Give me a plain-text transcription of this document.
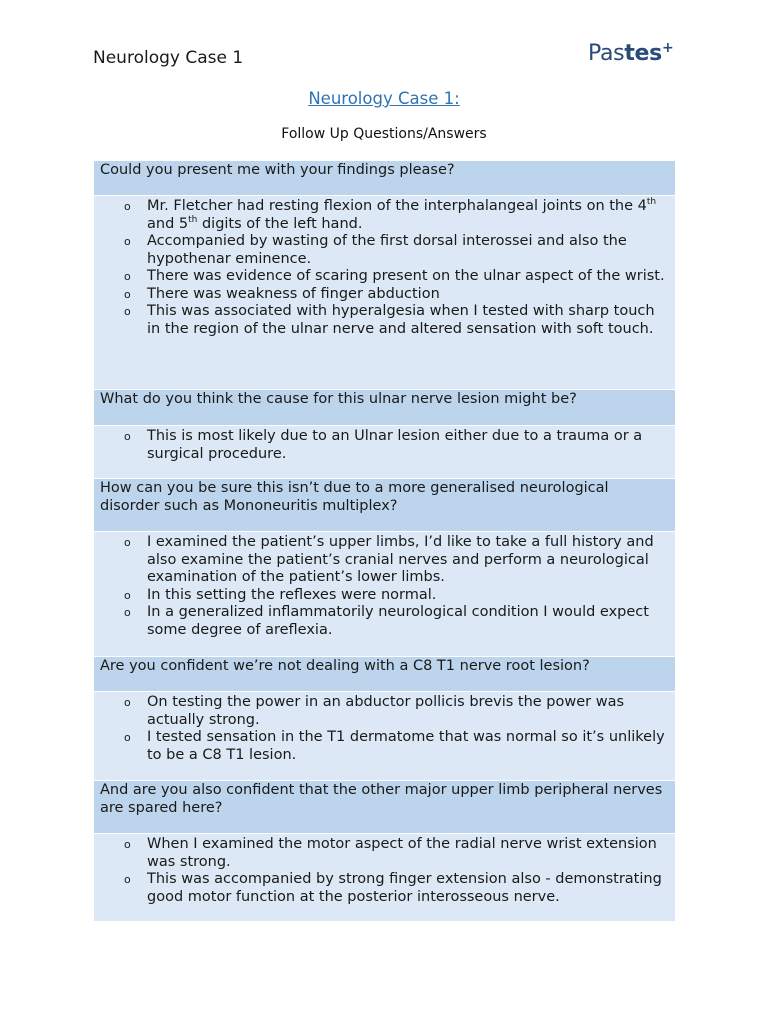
Neurology Case 1	Pastes+
Neurology Case 1:
Follow Up Questions/Answers
Could you present me with your findings please?
o Mr. Fletcher had resting flexion of the interphalangeal joints on the 4th and 5th digits of the left hand.
o Accompanied by wasting of the first dorsal interossei and also the hypothenar eminence.
o There was evidence of scaring present on the ulnar aspect of the wrist.
o There was weakness of finger abduction
o This was associated with hyperalgesia when I tested with sharp touch in the region of the ulnar nerve and altered sensation with soft touch.
What do you think the cause for this ulnar nerve lesion might be?
o This is most likely due to an Ulnar lesion either due to a trauma or a surgical procedure.
How can you be sure this isn’t due to a more generalised neurological disorder such as Mononeuritis multiplex?
o I examined the patient’s upper limbs, I’d like to take a full history and also examine the patient’s cranial nerves and perform a neurological examination of the patient’s lower limbs.
o In this setting the reflexes were normal.
o In a generalized inflammatorily neurological condition I would expect some degree of areflexia.
Are you confident we’re not dealing with a C8 T1 nerve root lesion?
o On testing the power in an abductor pollicis brevis the power was actually strong.
o I tested sensation in the T1 dermatome that was normal so it’s unlikely to be a C8 T1 lesion.
And are you also confident that the other major upper limb peripheral nerves are spared here?
o When I examined the motor aspect of the radial nerve wrist extension was strong.
o This was accompanied by strong finger extension also - demonstrating good motor function at the posterior interosseous nerve.
